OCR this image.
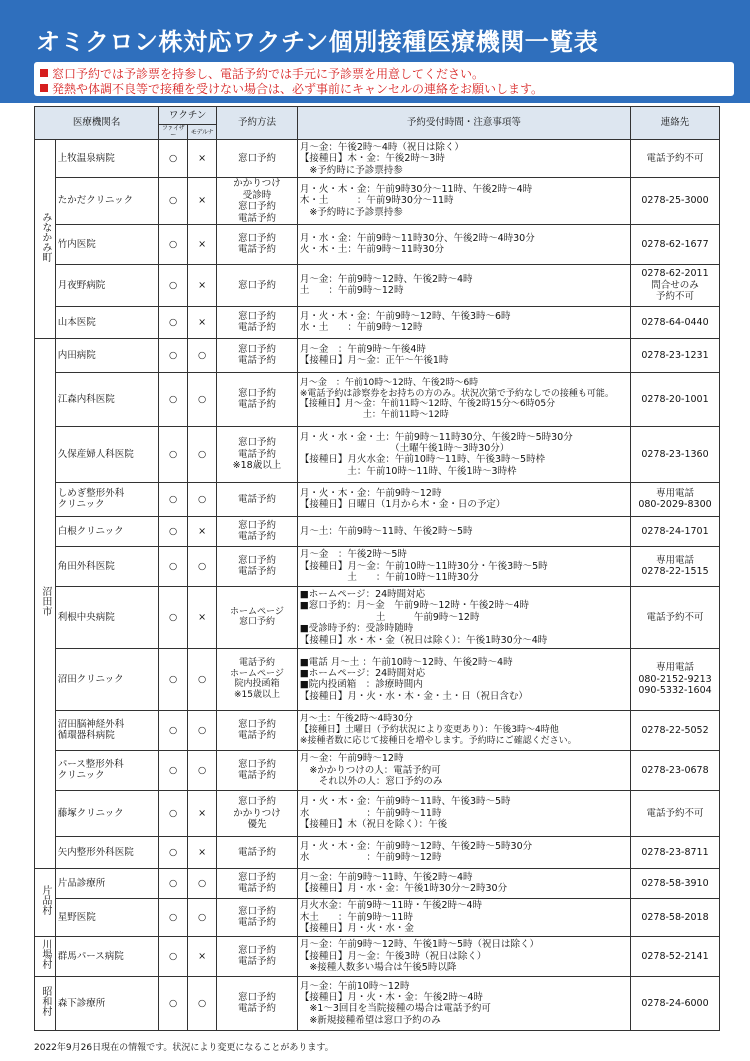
オミクロン株対応ワクチン個別接種医療機関一覧表
窓口予約では予診票を持参し、電話予約では手元に予診票を用意してください。
発熱や体調不良等で接種を受けない場合は、必ず事前にキャンセルの連絡をお願いします。
医療機関名		ワクチン		予約方法	予約受付時間・注意事項等	連絡先
		ファイザー	モデルナ			
みなかみ町	上牧温泉病院	○	×	窓口予約	月～金：午後2時～4時（祝日は除く）
【接種日】木・金：午後2時～3時
　※予約時に予診票持参	電話予約不可
	たかだクリニック	○	×	かかりつけ
受診時
窓口予約
電話予約	月・火・木・金：午前9時30分～11時、午後2時～4時
木・土　　　：午前9時30分～11時
　※予約時に予診票持参	0278-25-3000
	竹内医院	○	×	窓口予約
電話予約	月・水・金：午前9時～11時30分、午後2時～4時30分
火・木・土：午前9時～11時30分	0278-62-1677
	月夜野病院	○	×	窓口予約	月～金：午前9時～12時、午後2時～4時
土　　：午前9時～12時	0278-62-2011
問合せのみ
予約不可
	山本医院	○	×	窓口予約
電話予約	月・火・木・金：午前9時～12時、午後3時～6時
水・土　　：午前9時～12時	0278-64-0440
沼田市	内田病院	○	○	窓口予約
電話予約	月～金　：午前9時～午後4時
【接種日】月～金：正午～午後1時	0278-23-1231
	江森内科医院	○	○	窓口予約
電話予約	月～金　：午前10時～12時、午後2時～6時
※電話予約は診察券をお持ちの方のみ。状況次第で予約なしでの接種も可能。
【接種日】月～金：午前11時～12時、午後2時15分～6時05分
　　　　　　　土：午前11時～12時	0278-20-1001
	久保産婦人科医院	○	○	窓口予約
電話予約
※18歳以上	月・火・水・金・土：午前9時～11時30分、午後2時～5時30分
　　　　　　　　　　（土曜午後1時～3時30分）
【接種日】月火水金：午前10時～11時、午後3時～5時枠
　　　　　土：午前10時～11時、午後1時～3時枠	0278-23-1360
	しめぎ整形外科
クリニック	○	○	電話予約	月・火・木・金：午前9時～12時
【接種日】日曜日（1月から木・金・日の予定）	専用電話
080-2029-8300
	白根クリニック	○	×	窓口予約
電話予約	月～土：午前9時～11時、午後2時～5時	0278-24-1701
	角田外科医院	○	○	窓口予約
電話予約	月～金　：午後2時～5時
【接種日】月～金：午前10時～11時30分・午後3時～5時
　　　　　土　　：午前10時～11時30分	専用電話
0278-22-1515
	利根中央病院	○	×	ホームページ
窓口予約	■ホームページ：24時間対応
■窓口予約：月～金　午前9時～12時・午後2時～4時
　　　　　　　　土　　　午前9時～12時
■受診時予約：受診時随時
【接種日】水・木・金（祝日は除く）：午後1時30分～4時	電話予約不可
	沼田クリニック	○	○	電話予約
ホームページ
院内投函箱
※15歳以上	■電話 月～土 ：午前10時～12時、午後2時～4時
■ホームページ：24時間対応
■院内投函箱　：診療時間内
【接種日】月・火・水・木・金・土・日（祝日含む）	専用電話
080-2152-9213
090-5332-1604
	沼田脳神経外科
循環器科病院	○	○	窓口予約
電話予約	月～土：午後2時～4時30分
【接種日】土曜日（予約状況により変更あり）：午後3時～4時他
※接種者数に応じて接種日を増やします。予約時にご確認ください。	0278-22-5052
	パース整形外科
クリニック	○	○	窓口予約
電話予約	月～金：午前9時～12時
　※かかりつけの人：電話予約可
　　それ以外の人：窓口予約のみ	0278-23-0678
	藤塚クリニック	○	×	窓口予約
かかりつけ
優先	月・火・木・金：午前9時～11時、午後3時～5時
水　　　　　　：午前9時～11時
【接種日】木（祝日を除く）：午後	電話予約不可
	矢内整形外科医院	○	×	電話予約	月・火・木・金：午前9時～12時、午後2時～5時30分
水　　　　　　：午前9時～12時	0278-23-8711
片品村	片品診療所	○	○	窓口予約
電話予約	月～金：午前9時～11時、午後2時～4時
【接種日】月・水・金：午後1時30分～2時30分	0278-58-3910
	星野医院	○	○	窓口予約
電話予約	月火水金：午前9時～11時・午後2時～4時
木土　　：午前9時～11時
【接種日】月・火・水・金	0278-58-2018
川場村	群馬パース病院	○	×	窓口予約
電話予約	月～金：午前9時～12時、午後1時～5時（祝日は除く）
【接種日】月～金：午後3時（祝日は除く）
　※接種人数多い場合は午後5時以降	0278-52-2141
昭和村	森下診療所	○	○	窓口予約
電話予約	月～金：午前10時～12時
【接種日】月・火・木・金：午後2時～4時
　※1～3回目を当院接種の場合は電話予約可
　※新規接種希望は窓口予約のみ	0278-24-6000
2022年9月26日現在の情報です。状況により変更になることがあります。
